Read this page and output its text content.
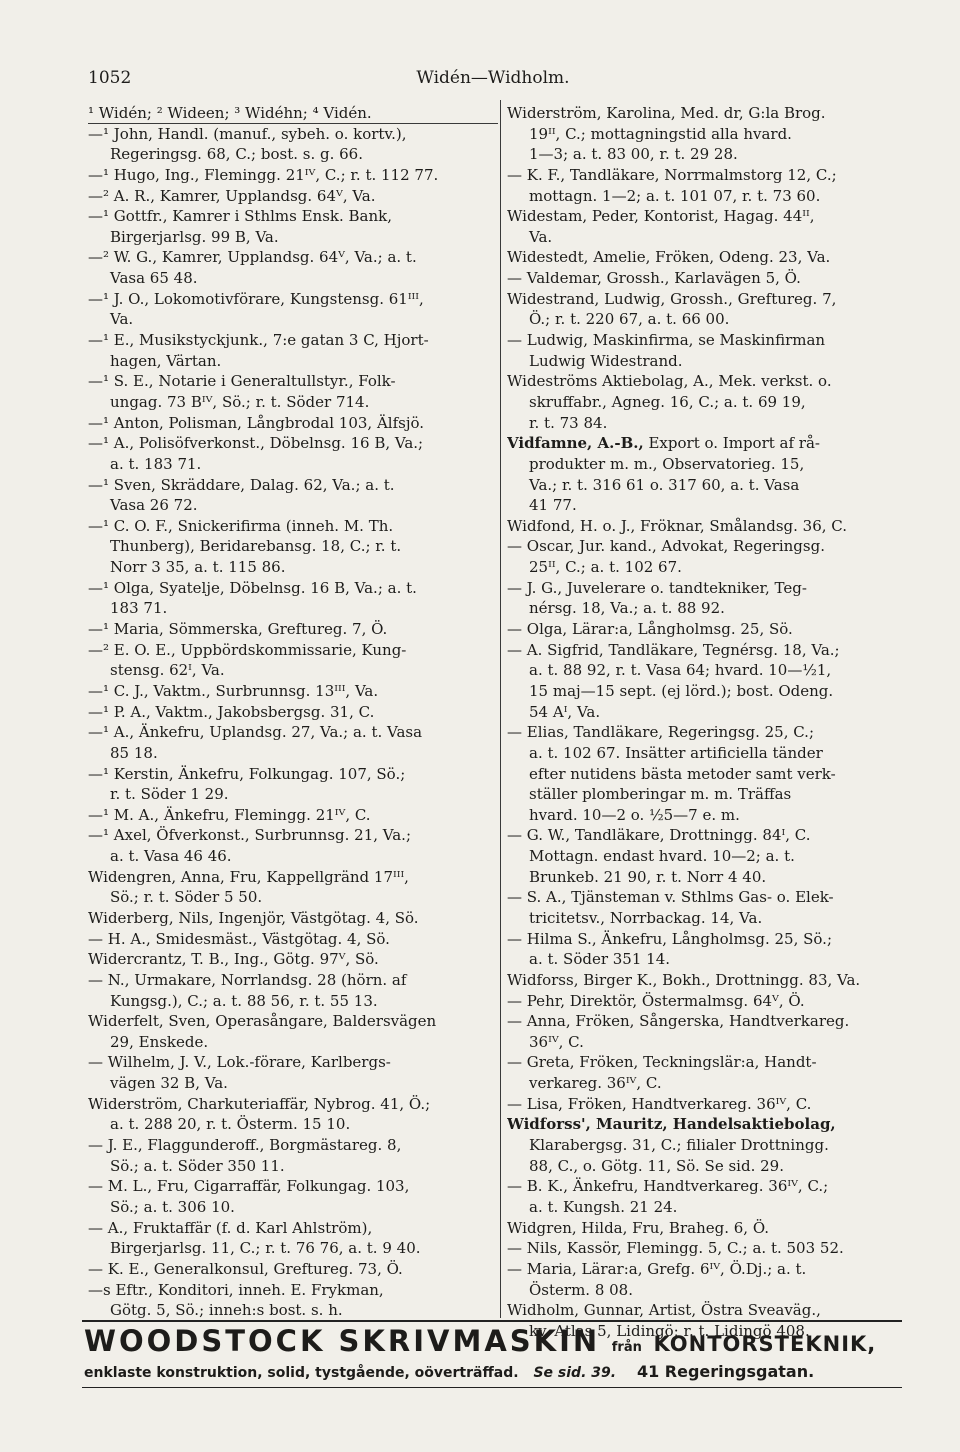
1052	Widén—Widholm.
¹ Widén; ² Wideen; ³ Widéhn; ⁴ Vidén.
—¹ John, Handl. (manuf., sybeh. o. kortv.),
Regeringsg. 68, C.; bost. s. g. 66.
—¹ Hugo, Ing., Flemingg. 21ᴵⱽ, C.; r. t. 112 77.
—² A. R., Kamrer, Upplandsg. 64ⱽ, Va.
—¹ Gottfr., Kamrer i Sthlms Ensk. Bank,
Birgerjarlsg. 99 B, Va.
—² W. G., Kamrer, Upplandsg. 64ⱽ, Va.; a. t.
Vasa 65 48.
—¹ J. O., Lokomotivförare, Kungstensg. 61ᴵᴵᴵ,
Va.
—¹ E., Musikstyckjunk., 7:e gatan 3 C, Hjort-
hagen, Värtan.
—¹ S. E., Notarie i Generaltullstyr., Folk-
ungag. 73 Bᴵⱽ, Sö.; r. t. Söder 714.
—¹ Anton, Polisman, Långbrodal 103, Älfsjö.
—¹ A., Polisöfverkonst., Döbelnsg. 16 B, Va.;
a. t. 183 71.
—¹ Sven, Skräddare, Dalag. 62, Va.; a. t.
Vasa 26 72.
—¹ C. O. F., Snickerifirma (inneh. M. Th.
Thunberg), Beridarebansg. 18, C.; r. t.
Norr 3 35, a. t. 115 86.
—¹ Olga, Syatelje, Döbelnsg. 16 B, Va.; a. t.
183 71.
—¹ Maria, Sömmerska, Greftureg. 7, Ö.
—² E. O. E., Uppbördskommissarie, Kung-
stensg. 62ᴵ, Va.
—¹ C. J., Vaktm., Surbrunnsg. 13ᴵᴵᴵ, Va.
—¹ P. A., Vaktm., Jakobsbergsg. 31, C.
—¹ A., Änkefru, Uplandsg. 27, Va.; a. t. Vasa
85 18.
—¹ Kerstin, Änkefru, Folkungag. 107, Sö.;
r. t. Söder 1 29.
—¹ M. A., Änkefru, Flemingg. 21ᴵⱽ, C.
—¹ Axel, Öfverkonst., Surbrunnsg. 21, Va.;
a. t. Vasa 46 46.
Widengren, Anna, Fru, Kappellgränd 17ᴵᴵᴵ,
Sö.; r. t. Söder 5 50.
Widerberg, Nils, Ingenjör, Västgötag. 4, Sö.
— H. A., Smidesmäst., Västgötag. 4, Sö.
Widercrantz, T. B., Ing., Götg. 97ⱽ, Sö.
— N., Urmakare, Norrlandsg. 28 (hörn. af
Kungsg.), C.; a. t. 88 56, r. t. 55 13.
Widerfelt, Sven, Operasångare, Baldersvägen
29, Enskede.
— Wilhelm, J. V., Lok.-förare, Karlbergs-
vägen 32 B, Va.
Widerström, Charkuteriaffär, Nybrog. 41, Ö.;
a. t. 288 20, r. t. Österm. 15 10.
— J. E., Flaggunderoff., Borgmästareg. 8,
Sö.; a. t. Söder 350 11.
— M. L., Fru, Cigarraffär, Folkungag. 103,
Sö.; a. t. 306 10.
— A., Fruktaffär (f. d. Karl Ahlström),
Birgerjarlsg. 11, C.; r. t. 76 76, a. t. 9 40.
— K. E., Generalkonsul, Greftureg. 73, Ö.
—s Eftr., Konditori, inneh. E. Frykman,
Götg. 5, Sö.; inneh:s bost. s. h.
Widerström, Karolina, Med. dr, G:la Brog.
19ᴵᴵ, C.; mottagningstid alla hvard.
1—3; a. t. 83 00, r. t. 29 28.
— K. F., Tandläkare, Norrmalmstorg 12, C.;
mottagn. 1—2; a. t. 101 07, r. t. 73 60.
Widestam, Peder, Kontorist, Hagag. 44ᴵᴵ,
Va.
Widestedt, Amelie, Fröken, Odeng. 23, Va.
— Valdemar, Grossh., Karlavägen 5, Ö.
Widestrand, Ludwig, Grossh., Greftureg. 7,
Ö.; r. t. 220 67, a. t. 66 00.
— Ludwig, Maskinfirma, se Maskinfirman
Ludwig Widestrand.
Wideströms Aktiebolag, A., Mek. verkst. o.
skruffabr., Agneg. 16, C.; a. t. 69 19,
r. t. 73 84.
Vidfamne, A.-B., Export o. Import af rå-
produkter m. m., Observatorieg. 15,
Va.; r. t. 316 61 o. 317 60, a. t. Vasa
41 77.
Widfond, H. o. J., Fröknar, Smålandsg. 36, C.
— Oscar, Jur. kand., Advokat, Regeringsg.
25ᴵᴵ, C.; a. t. 102 67.
— J. G., Juvelerare o. tandtekniker, Teg-
nérsg. 18, Va.; a. t. 88 92.
— Olga, Lärar:a, Långholmsg. 25, Sö.
— A. Sigfrid, Tandläkare, Tegnérsg. 18, Va.;
a. t. 88 92, r. t. Vasa 64; hvard. 10—½1,
15 maj—15 sept. (ej lörd.); bost. Odeng.
54 Aᴵ, Va.
— Elias, Tandläkare, Regeringsg. 25, C.;
a. t. 102 67. Insätter artificiella tänder
efter nutidens bästa metoder samt verk-
ställer plomberingar m. m. Träffas
hvard. 10—2 o. ½5—7 e. m.
— G. W., Tandläkare, Drottningg. 84ᴵ, C.
Mottagn. endast hvard. 10—2; a. t.
Brunkeb. 21 90, r. t. Norr 4 40.
— S. A., Tjänsteman v. Sthlms Gas- o. Elek-
tricitetsv., Norrbackag. 14, Va.
— Hilma S., Änkefru, Långholmsg. 25, Sö.;
a. t. Söder 351 14.
Widforss, Birger K., Bokh., Drottningg. 83, Va.
— Pehr, Direktör, Östermalmsg. 64ⱽ, Ö.
— Anna, Fröken, Sångerska, Handtverkareg.
36ᴵⱽ, C.
— Greta, Fröken, Teckningslär:a, Handt-
verkareg. 36ᴵⱽ, C.
— Lisa, Fröken, Handtverkareg. 36ᴵⱽ, C.
Widforss', Mauritz, Handelsaktiebolag,
Klarabergsg. 31, C.; filialer Drottningg.
88, C., o. Götg. 11, Sö. Se sid. 29.
— B. K., Änkefru, Handtverkareg. 36ᴵⱽ, C.;
a. t. Kungsh. 21 24.
Widgren, Hilda, Fru, Braheg. 6, Ö.
— Nils, Kassör, Flemingg. 5, C.; a. t. 503 52.
— Maria, Lärar:a, Grefg. 6ᴵⱽ, Ö.Dj.; a. t.
Österm. 8 08.
Widholm, Gunnar, Artist, Östra Sveaväg.,
kv. Atlas 5, Lidingö; r. t. Lidingö 408.
WOODSTOCK SKRIVMASKIN från KONTORSTEKNIK,
enklaste konstruktion, solid, tystgående, oöverträffad. Se sid. 39. 41 Regeringsgatan.
